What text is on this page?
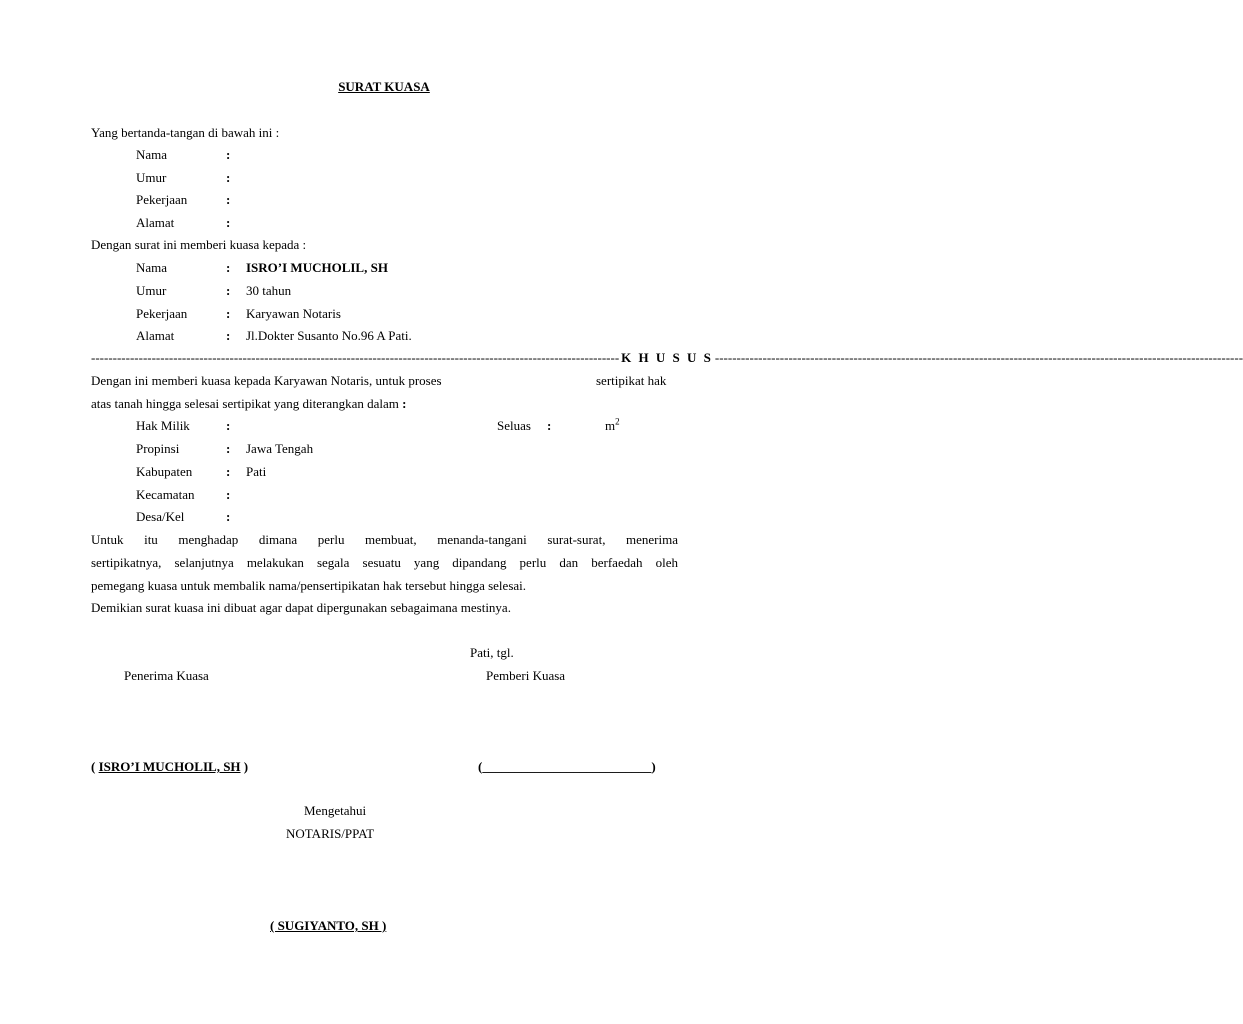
SURAT KUASA
Yang bertanda-tangan di bawah ini :
Nama	:
Umur	:
Pekerjaan	:
Alamat	:
Dengan surat ini memberi kuasa kepada :
Nama	: ISRO’I MUCHOLIL, SH
Umur	: 30 tahun
Pekerjaan	: Karyawan Notaris
Alamat	: Jl.Dokter Susanto No.96 A Pati.
-------------------------------------------------------------------------------------------------------------------------- K H U S U S --------------------------------------------------------------------------------------------------------------------------
Dengan ini memberi kuasa kepada Karyawan Notaris, untuk proses	sertipikat hak
atas tanah hingga selesai sertipikat yang diterangkan dalam :
Hak Milik	:	Seluas :	$m^2$
Propinsi	: Jawa Tengah
Kabupaten	: Pati
Kecamatan :
Desa/Kel	:
Untuk itu menghadap dimana perlu membuat, menanda-tangani surat-surat, menerima
sertipikatnya, selanjutnya melakukan segala sesuatu yang dipandang perlu dan berfaedah oleh
pemegang kuasa untuk membalik nama/pensertipikatan hak tersebut hingga selesai.
Demikian surat kuasa ini dibuat agar dapat dipergunakan sebagaimana mestinya.
Pati, tgl.
Penerima Kuasa	Pemberi Kuasa
( ISRO’I MUCHOLIL, SH )	(__________________________)
Mengetahui
NOTARIS/PPAT
( SUGIYANTO, SH )
